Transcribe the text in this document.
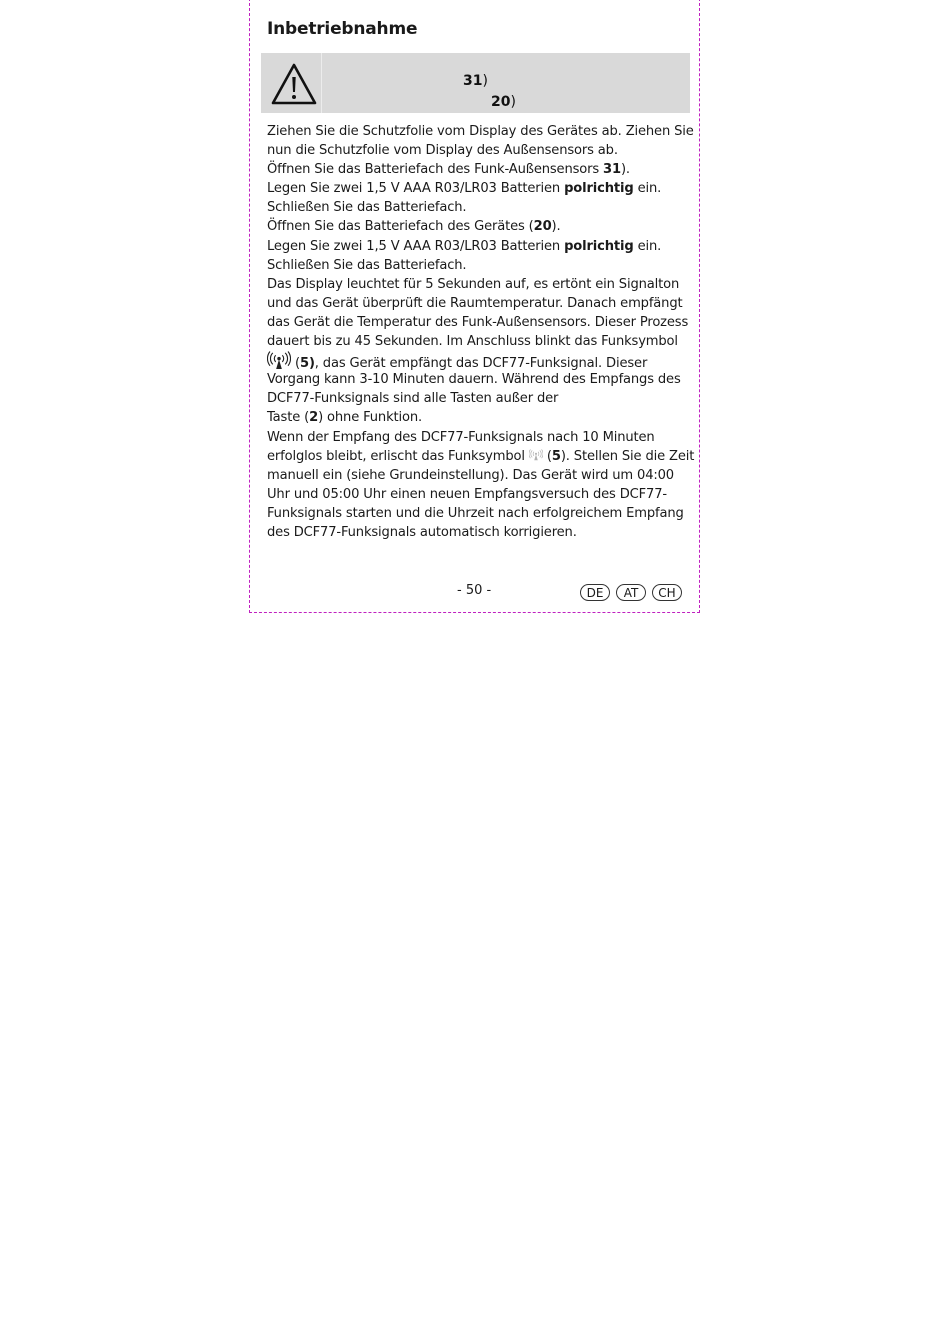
Inbetriebnahme
31)
20)
Ziehen Sie die Schutzfolie vom Display des Gerätes ab. Ziehen Sie
nun die Schutzfolie vom Display des Außensensors ab.
Öffnen Sie das Batteriefach des Funk-Außensensors 31).
Legen Sie zwei 1,5 V AAA R03/LR03 Batterien polrichtig ein.
Schließen Sie das Batteriefach.
Öffnen Sie das Batteriefach des Gerätes (20).
Legen Sie zwei 1,5 V AAA R03/LR03 Batterien polrichtig ein.
Schließen Sie das Batteriefach.
Das Display leuchtet für 5 Sekunden auf, es ertönt ein Signalton
und das Gerät überprüft die Raumtemperatur. Danach empfängt
das Gerät die Temperatur des Funk-Außensensors. Dieser Prozess
dauert bis zu 45 Sekunden. Im Anschluss blinkt das Funksymbol
(5), das Gerät empfängt das DCF77-Funksignal. Dieser
Vorgang kann 3-10 Minuten dauern. Während des Empfangs des
DCF77-Funksignals sind alle Tasten außer der
Taste (2) ohne Funktion.
Wenn der Empfang des DCF77-Funksignals nach 10 Minuten
erfolglos bleibt, erlischt das Funksymbol  (5). Stellen Sie die Zeit
manuell ein (siehe Grundeinstellung). Das Gerät wird um 04:00
Uhr und 05:00 Uhr einen neuen Empfangsversuch des DCF77-
Funksignals starten und die Uhrzeit nach erfolgreichem Empfang
des DCF77-Funksignals automatisch korrigieren.
- 50 -	DE	AT	CH
